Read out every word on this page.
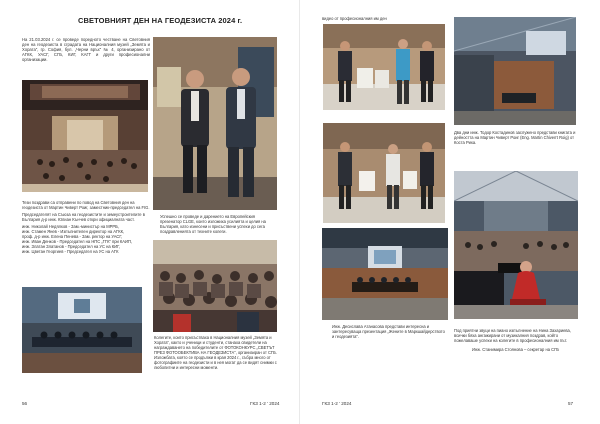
СВЕТОВНИЯТ ДЕН НА ГЕОДЕЗИСТА 2024 г.

На 21.03.2024 г. се проведе поредното честване на Световния ден на геодезиста в сградата на Националния музей „Земята и Хората“, гр. София, бул. „Черни връх“ № 4, организирано от АГКК, УАСГ, СГБ, КИГ, КАГГ и други професионални организации.

Тези поздрави са отправени по повод на Световния ден на геодезиста от Мартин Чиверт Роиг, заместник-председател на FIG.
Председателят на Съюза на геодезистите и земеустроителите в България д-р инж. Юлиан Кънчев откри официалната част.
инж. Николай Недялков - Зам.-министър на МРРБ,
инж. Стамен Янев - Изпълнителен директор на АГКК,
проф. д-р инж. Елена Пенева - Зам. ректор на УАСГ,
инж. Иван Денков - Председател на НПС „ГГК“ при КАИП,
инж. Златан Златанов - Председател на УС на КИГ,
инж. Цветан Георгиев - Председател на УС на АГК
Успешно се проведе и дарението на Европейския презенатор CLGE, които изложиха усилията и целия на България, като изнесени и присъствени успехи до сега поздравленията от техните колеги.
Колегите, които присъстваха в Националния музей „Земята и Хората“, както и ученици и студенти, станаха свидетели на награждаването на победителите от ФОТОКОНКУРС „СВЕТЪТ ПРЕЗ ФОТООБЕКТИВА НА ГЕОДЕЗИСТА“, организиран от СГБ. Изложбата, която се продължи в края 2024 г., събра много от фотографиите на геодезисти и в нея могат да се видят снимки с любопитни и интересни моменти.
56	ГКЗ 1-2 ’ 2024
видео от професионалния им ден
Два дни инж. Тодор Костадинов заслужено представи книгата и дейността на Мартин Чиверт Роиг (Eng. Martin Chiverrt Roig) от Коста Рика.
Инж. Десислава Атанасова представи интересна и зантересуваща презентация „Жените в Маркшайдерството и геодезията“.
Под приятни звуци на пиано изпълнение на Нина Захариева, всички бяха ангажирани от музикалния поздрав, който пожелаваше успехи на колегите в професионалния им път.
Инж. Станимира Стоянова – секретар на СГБ
ГКЗ 1-2 ’ 2024	57
